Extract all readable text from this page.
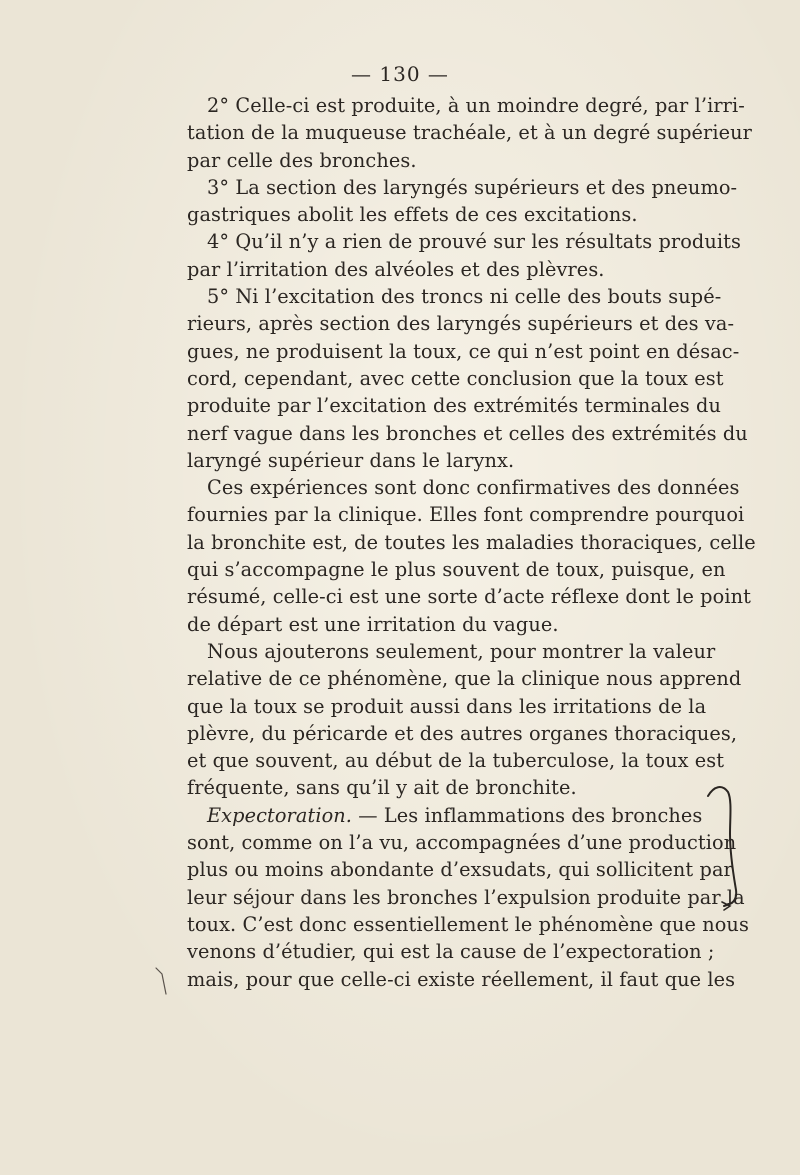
— 130 —
2° Celle-ci est produite, à un moindre degré, par l’irri-
tation de la muqueuse trachéale, et à un degré supérieur
par celle des bronches.
3° La section des laryngés supérieurs et des pneumo-
gastriques abolit les effets de ces excitations.
4° Qu’il n’y a rien de prouvé sur les résultats produits
par l’irritation des alvéoles et des plèvres.
5° Ni l’excitation des troncs ni celle des bouts supé-
rieurs, après section des laryngés supérieurs et des va-
gues, ne produisent la toux, ce qui n’est point en désac-
cord, cependant, avec cette conclusion que la toux est
produite par l’excitation des extrémités terminales du
nerf vague dans les bronches et celles des extrémités du
laryngé supérieur dans le larynx.
Ces expériences sont donc confirmatives des données
fournies par la clinique. Elles font comprendre pourquoi
la bronchite est, de toutes les maladies thoraciques, celle
qui s’accompagne le plus souvent de toux, puisque, en
résumé, celle-ci est une sorte d’acte réflexe dont le point
de départ est une irritation du vague.
Nous ajouterons seulement, pour montrer la valeur
relative de ce phénomène, que la clinique nous apprend
que la toux se produit aussi dans les irritations de la
plèvre, du péricarde et des autres organes thoraciques,
et que souvent, au début de la tuberculose, la toux est
fréquente, sans qu’il y ait de bronchite.
Expectoration. — Les inflammations des bronches
sont, comme on l’a vu, accompagnées d’une production
plus ou moins abondante d’exsudats, qui sollicitent par
leur séjour dans les bronches l’expulsion produite par la
toux. C’est donc essentiellement le phénomène que nous
venons d’étudier, qui est la cause de l’expectoration ;
mais, pour que celle-ci existe réellement, il faut que les
